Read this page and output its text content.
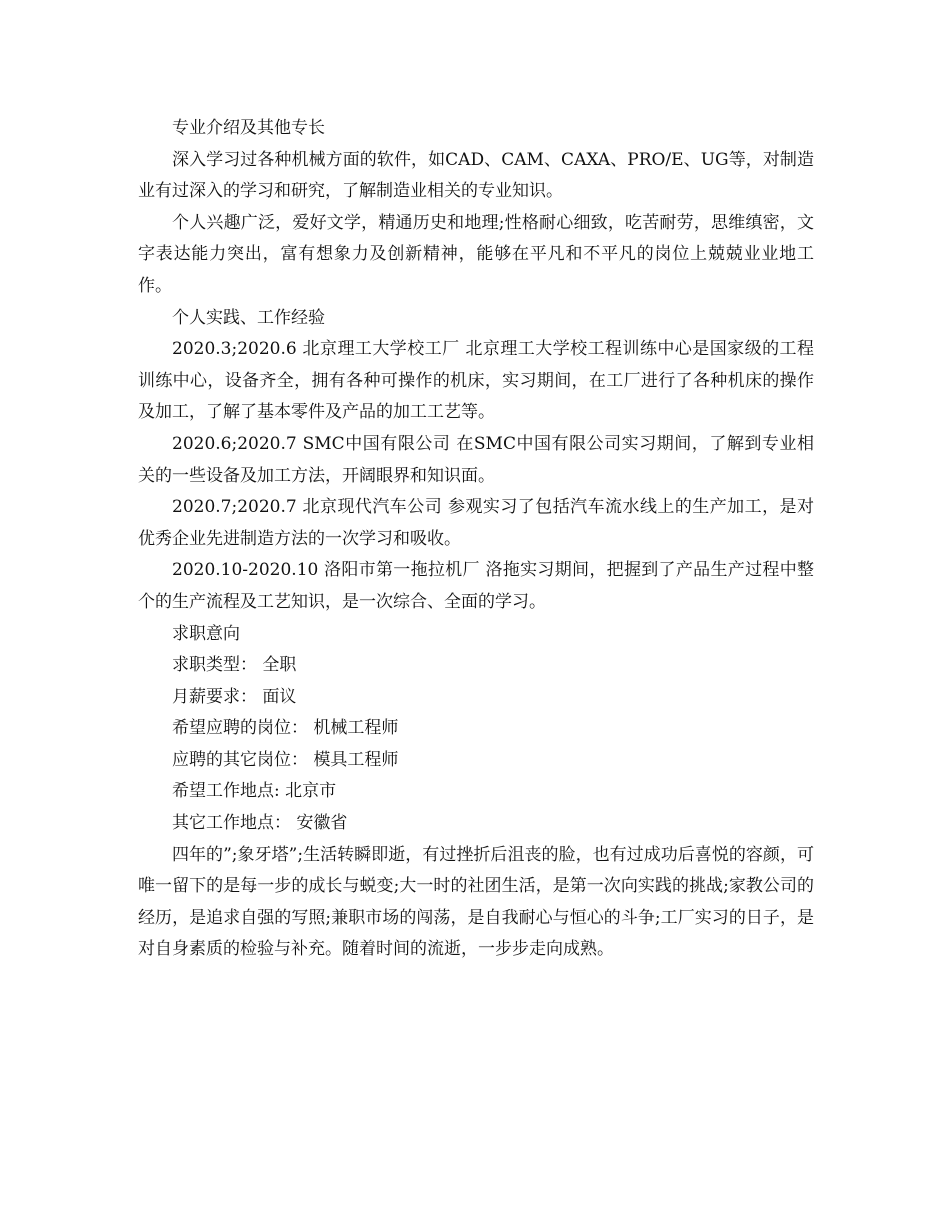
专业介绍及其他专长

深入学习过各种机械方面的软件，如CAD、CAM、CAXA、PRO/E、UG等，对制造业有过深入的学习和研究，了解制造业相关的专业知识。

个人兴趣广泛，爱好文学，精通历史和地理;性格耐心细致，吃苦耐劳，思维缜密，文字表达能力突出，富有想象力及创新精神，能够在平凡和不平凡的岗位上兢兢业业地工作。

个人实践、工作经验

2020.3;2020.6 北京理工大学校工厂 北京理工大学校工程训练中心是国家级的工程训练中心，设备齐全，拥有各种可操作的机床，实习期间，在工厂进行了各种机床的操作及加工，了解了基本零件及产品的加工工艺等。

2020.6;2020.7 SMC中国有限公司 在SMC中国有限公司实习期间，了解到专业相关的一些设备及加工方法，开阔眼界和知识面。

2020.7;2020.7 北京现代汽车公司 参观实习了包括汽车流水线上的生产加工，是对优秀企业先进制造方法的一次学习和吸收。

2020.10-2020.10 洛阳市第一拖拉机厂 洛拖实习期间，把握到了产品生产过程中整个的生产流程及工艺知识，是一次综合、全面的学习。

求职意向

求职类型： 全职

月薪要求： 面议

希望应聘的岗位： 机械工程师

应聘的其它岗位： 模具工程师

希望工作地点: 北京市

其它工作地点： 安徽省

四年的”;象牙塔”;生活转瞬即逝，有过挫折后沮丧的脸，也有过成功后喜悦的容颜，可唯一留下的是每一步的成长与蜕变;大一时的社团生活，是第一次向实践的挑战;家教公司的经历，是追求自强的写照;兼职市场的闯荡，是自我耐心与恒心的斗争;工厂实习的日子，是对自身素质的检验与补充。随着时间的流逝，一步步走向成熟。
